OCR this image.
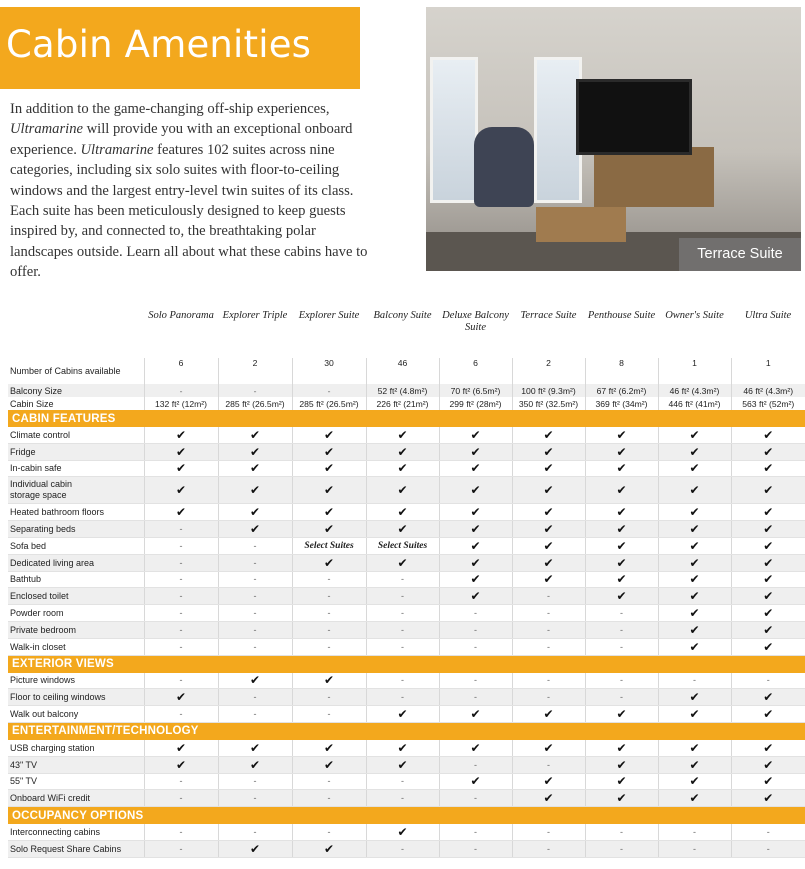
Cabin Amenities

In addition to the game-changing off-ship experiences, Ultramarine will provide you with an exceptional onboard experience. Ultramarine features 102 suites across nine categories, including six solo suites with floor-to-ceiling windows and the largest entry-level twin suites of its class. Each suite has been meticulously designed to keep guests inspired by, and connected to, the breathtaking polar landscapes outside. Learn all about what these cabins have to offer.

Terrace Suite
	Solo Panorama	Explorer Triple	Explorer Suite	Balcony Suite	Deluxe Balcony Suite	Terrace Suite	Penthouse Suite	Owner's Suite	Ultra Suite
Number of Cabins available	6	2	30	46	6	2	8	1	1
Balcony Size	-	-	-	52 ft² (4.8m²)	70 ft² (6.5m²)	100 ft² (9.3m²)	67 ft² (6.2m²)	46 ft² (4.3m²)	46 ft² (4.3m²)
Cabin Size	132 ft² (12m²)	285 ft² (26.5m²)	285 ft² (26.5m²)	226 ft² (21m²)	299 ft² (28m²)	350 ft² (32.5m²)	369 ft² (34m²)	446 ft² (41m²)	563 ft² (52m²)
CABIN FEATURES									
Climate control	✔	✔	✔	✔	✔	✔	✔	✔	✔
Fridge	✔	✔	✔	✔	✔	✔	✔	✔	✔
In-cabin safe	✔	✔	✔	✔	✔	✔	✔	✔	✔
Individual cabin storage space	✔	✔	✔	✔	✔	✔	✔	✔	✔
Heated bathroom floors	✔	✔	✔	✔	✔	✔	✔	✔	✔
Separating beds	-	✔	✔	✔	✔	✔	✔	✔	✔
Sofa bed	-	-	Select Suites	Select Suites	✔	✔	✔	✔	✔
Dedicated living area	-	-	✔	✔	✔	✔	✔	✔	✔
Bathtub	-	-	-	-	✔	✔	✔	✔	✔
Enclosed toilet	-	-	-	-	✔	-	✔	✔	✔
Powder room	-	-	-	-	-	-	-	✔	✔
Private bedroom	-	-	-	-	-	-	-	✔	✔
Walk-in closet	-	-	-	-	-	-	-	✔	✔
EXTERIOR VIEWS									
Picture windows	-	✔	✔	-	-	-	-	-	-
Floor to ceiling windows	✔	-	-	-	-	-	-	✔	✔
Walk out balcony	-	-	-	✔	✔	✔	✔	✔	✔
ENTERTAINMENT/TECHNOLOGY									
USB charging station	✔	✔	✔	✔	✔	✔	✔	✔	✔
43" TV	✔	✔	✔	✔	-	-	✔	✔	✔
55" TV	-	-	-	-	✔	✔	✔	✔	✔
Onboard WiFi credit	-	-	-	-	-	✔	✔	✔	✔
OCCUPANCY OPTIONS									
Interconnecting cabins	-	-	-	✔	-	-	-	-	-
Solo Request Share Cabins	-	✔	✔	-	-	-	-	-	-
